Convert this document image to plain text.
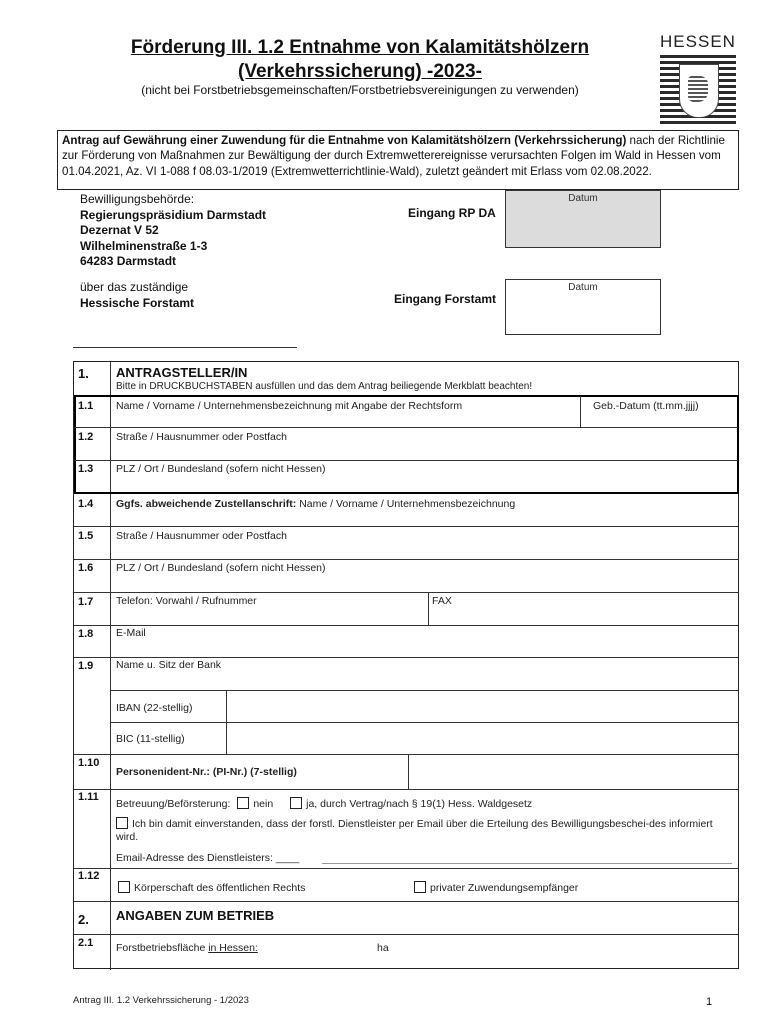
Förderung III. 1.2 Entnahme von Kalamitätshölzern
(Verkehrssicherung) -2023-
(nicht bei Forstbetriebsgemeinschaften/Forstbetriebsvereinigungen zu verwenden)
HESSEN
Antrag auf Gewährung einer Zuwendung für die Entnahme von Kalamitätshölzern (Verkehrssicherung) nach der Richtlinie zur Förderung von Maßnahmen zur Bewältigung der durch Extremwetterereignisse verursachten Folgen im Wald in Hessen vom 01.04.2021, Az. VI 1-088 f 08.03-1/2019 (Extremwetterrichtlinie-Wald), zuletzt geändert mit Erlass vom 02.08.2022.
Bewilligungsbehörde:
Regierungspräsidium Darmstadt
Dezernat V 52
Wilhelminenstraße 1-3
64283 Darmstadt
über das zuständige
Hessische Forstamt
Eingang RP DA
Datum
Eingang Forstamt
Datum
1. ANTRAGSTELLER/IN
Bitte in DRUCKBUCHSTABEN ausfüllen und das dem Antrag beiliegende Merkblatt beachten!
1.1 Name / Vorname / Unternehmensbezeichnung mit Angabe der Rechtsform	Geb.-Datum (tt.mm.jjjj)
1.2 Straße / Hausnummer oder Postfach
1.3 PLZ / Ort / Bundesland (sofern nicht Hessen)
1.4 Ggfs. abweichende Zustellanschrift: Name / Vorname / Unternehmensbezeichnung
1.5 Straße / Hausnummer oder Postfach
1.6 PLZ / Ort / Bundesland (sofern nicht Hessen)
1.7 Telefon: Vorwahl / Rufnummer	FAX
1.8 E-Mail
1.9 Name u. Sitz der Bank
IBAN (22-stellig)
BIC (11-stellig)
1.10
Personenident-Nr.: (PI-Nr.) (7-stellig)
1.11
Betreuung/Beförsterung: nein	ja, durch Vertrag/nach § 19(1) Hess. Waldgesetz
Ich bin damit einverstanden, dass der forstl. Dienstleister per Email über die Erteilung des Bewilligungsbeschei-des informiert wird.
Email-Adresse des Dienstleisters: ____
1.12
Körperschaft des öffentlichen Rechts	privater Zuwendungsempfänger
2. ANGABEN ZUM BETRIEB
2.1 Forstbetriebsfläche in Hessen:	ha
Antrag III. 1.2 Verkehrssicherung - 1/2023	1
